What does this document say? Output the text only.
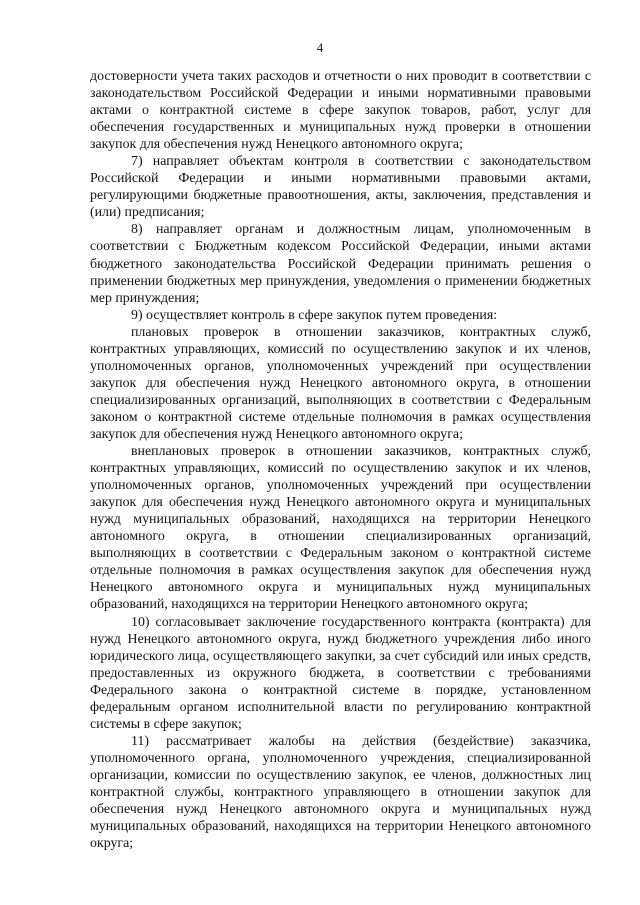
4

достоверности учета таких расходов и отчетности о них проводит в соответствии с законодательством Российской Федерации и иными нормативными правовыми актами о контрактной системе в сфере закупок товаров, работ, услуг для обеспечения государственных и муниципальных нужд проверки в отношении закупок для обеспечения нужд Ненецкого автономного округа;

7) направляет объектам контроля в соответствии с законодательством Российской Федерации и иными нормативными правовыми актами, регулирующими бюджетные правоотношения, акты, заключения, представления и (или) предписания;

8) направляет органам и должностным лицам, уполномоченным в соответствии с Бюджетным кодексом Российской Федерации, иными актами бюджетного законодательства Российской Федерации принимать решения о применении бюджетных мер принуждения, уведомления о применении бюджетных мер принуждения;

9) осуществляет контроль в сфере закупок путем проведения:

плановых проверок в отношении заказчиков, контрактных служб, контрактных управляющих, комиссий по осуществлению закупок и их членов, уполномоченных органов, уполномоченных учреждений при осуществлении закупок для обеспечения нужд Ненецкого автономного округа, в отношении специализированных организаций, выполняющих в соответствии с Федеральным законом о контрактной системе отдельные полномочия в рамках осуществления закупок для обеспечения нужд Ненецкого автономного округа;

внеплановых проверок в отношении заказчиков, контрактных служб, контрактных управляющих, комиссий по осуществлению закупок и их членов, уполномоченных органов, уполномоченных учреждений при осуществлении закупок для обеспечения нужд Ненецкого автономного округа и муниципальных нужд муниципальных образований, находящихся на территории Ненецкого автономного округа, в отношении специализированных организаций, выполняющих в соответствии с Федеральным законом о контрактной системе отдельные полномочия в рамках осуществления закупок для обеспечения нужд Ненецкого автономного округа и муниципальных нужд муниципальных образований, находящихся на территории Ненецкого автономного округа;

10) согласовывает заключение государственного контракта (контракта) для нужд Ненецкого автономного округа, нужд бюджетного учреждения либо иного юридического лица, осуществляющего закупки, за счет субсидий или иных средств, предоставленных из окружного бюджета, в соответствии с требованиями Федерального закона о контрактной системе в порядке, установленном федеральным органом исполнительной власти по регулированию контрактной системы в сфере закупок;

11) рассматривает жалобы на действия (бездействие) заказчика, уполномоченного органа, уполномоченного учреждения, специализированной организации, комиссии по осуществлению закупок, ее членов, должностных лиц контрактной службы, контрактного управляющего в отношении закупок для обеспечения нужд Ненецкого автономного округа и муниципальных нужд муниципальных образований, находящихся на территории Ненецкого автономного округа;
